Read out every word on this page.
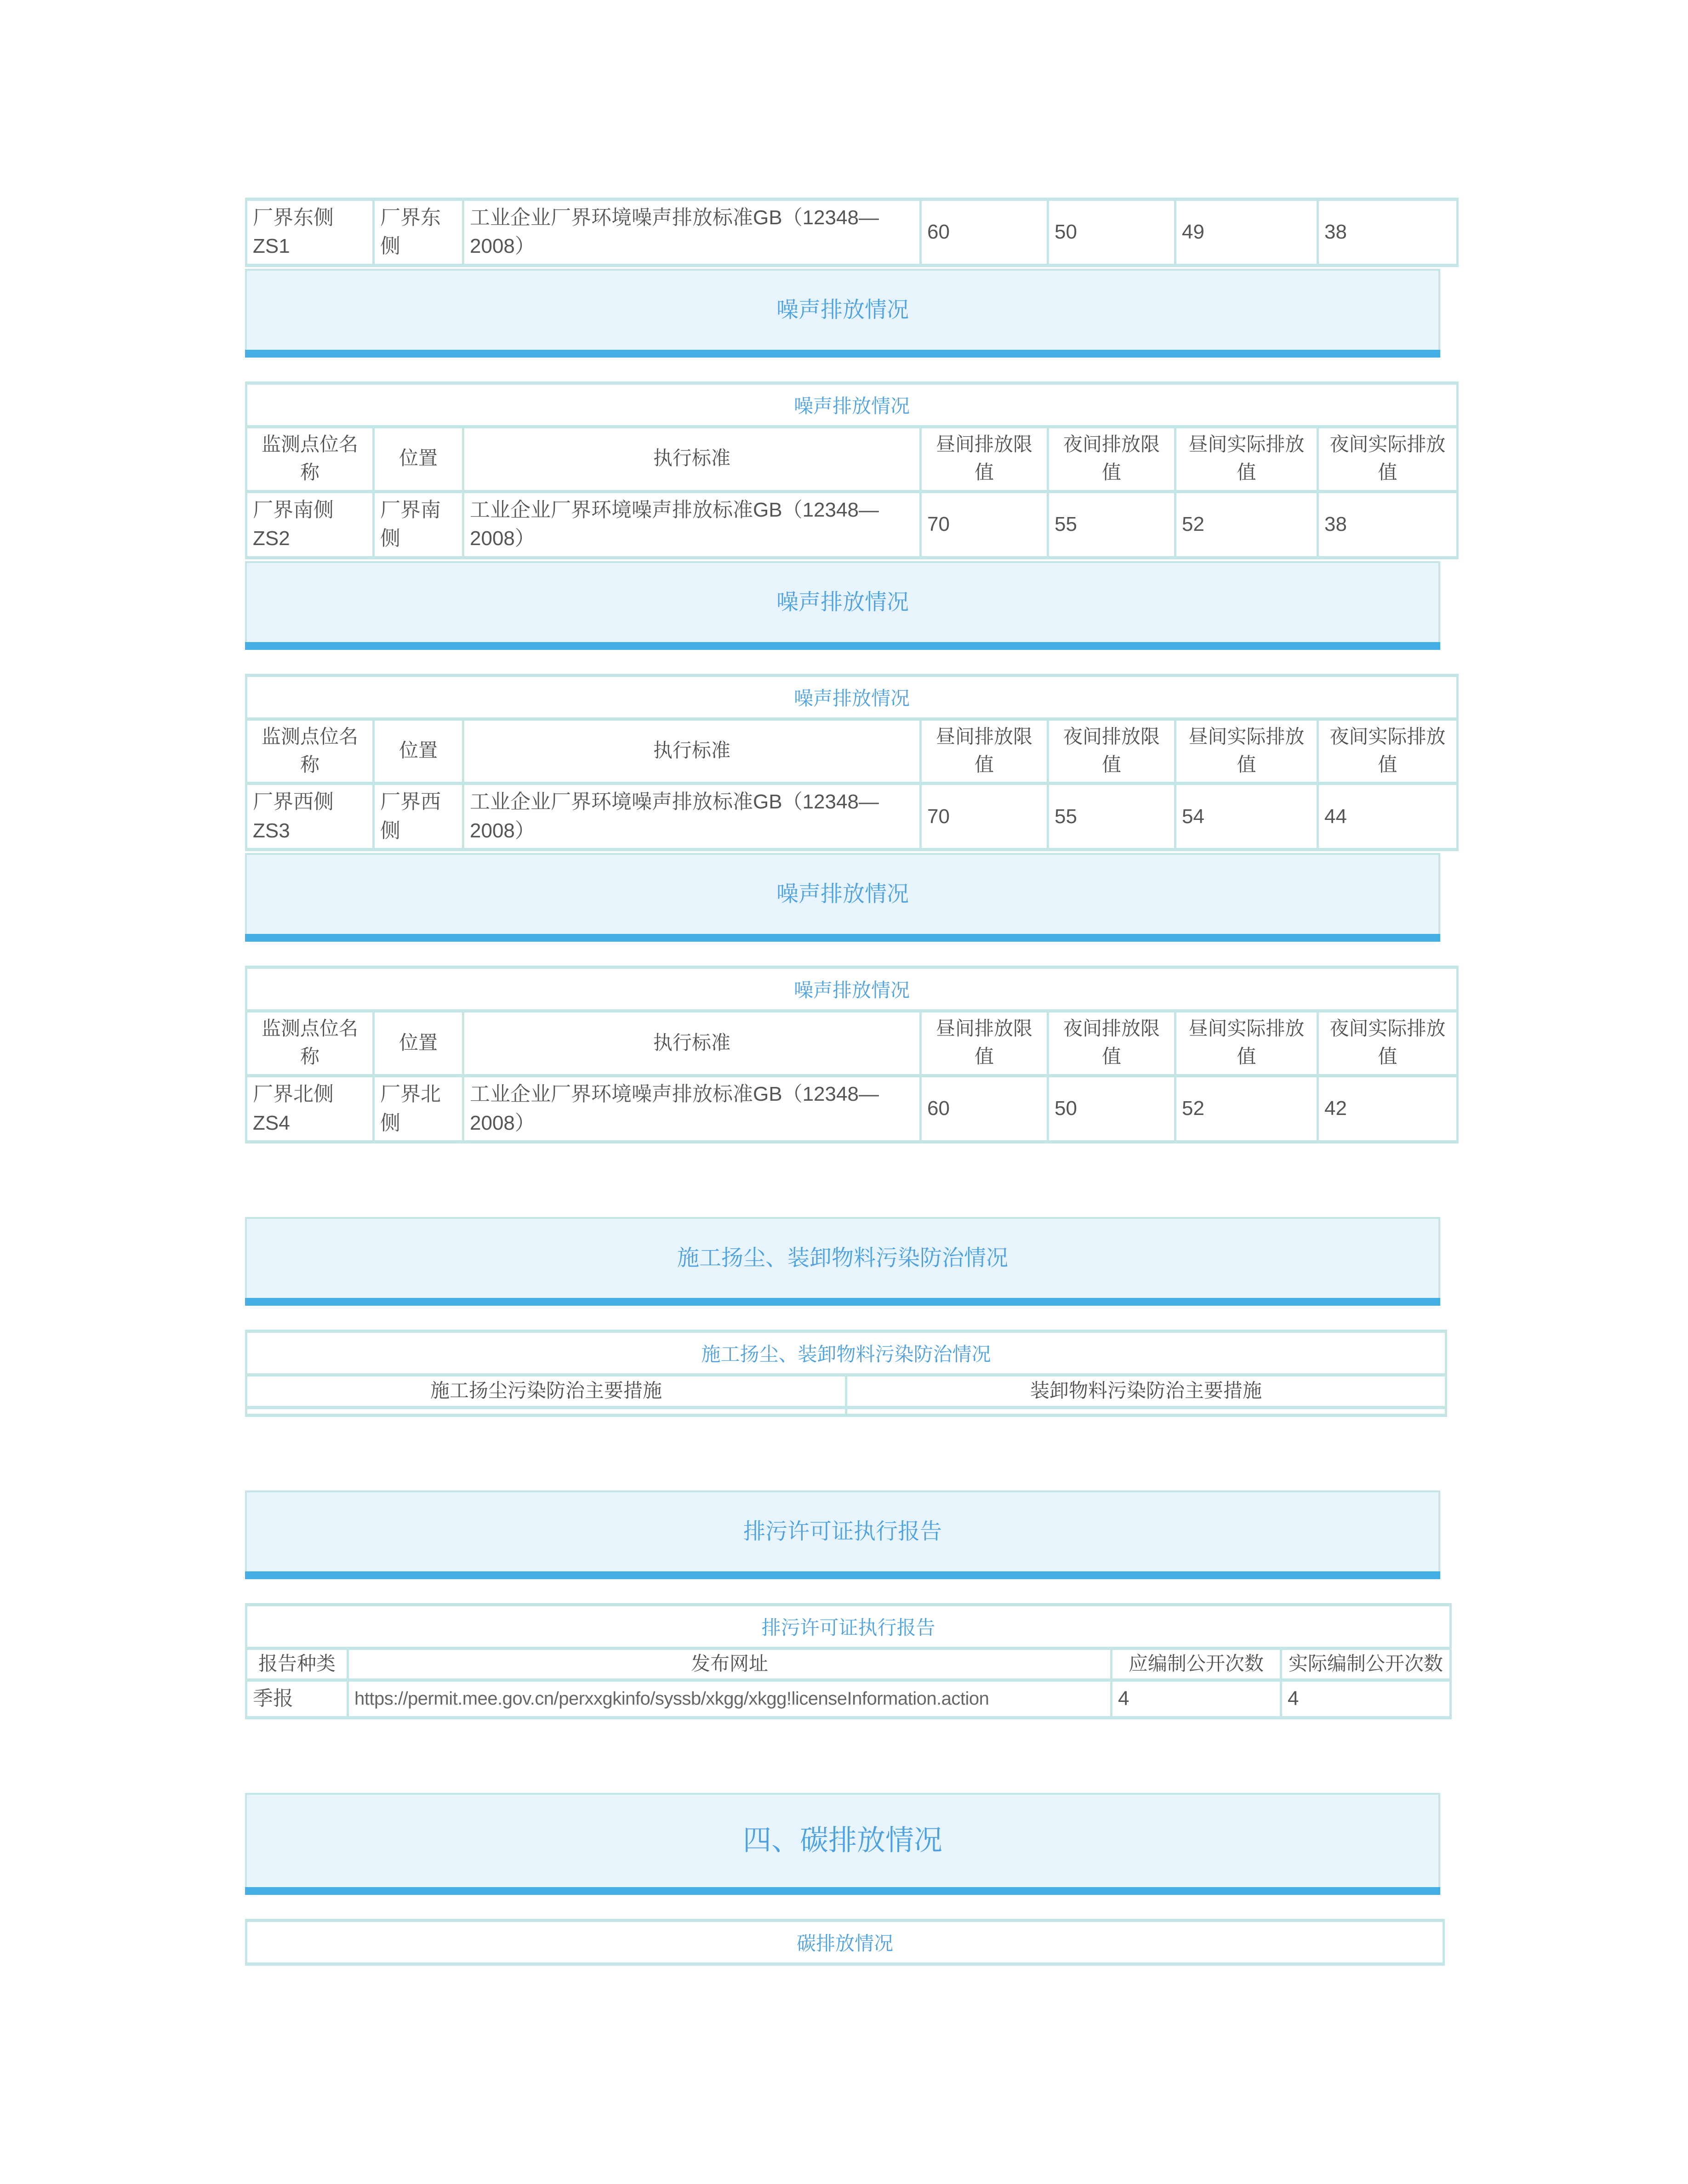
厂界东侧ZS1	厂界东侧	工业企业厂界环境噪声排放标准GB（12348—2008）	60	50	49	38
噪声排放情况
噪声排放情况						
监测点位名称	位置	执行标准	昼间排放限值	夜间排放限值	昼间实际排放值	夜间实际排放值
厂界南侧ZS2	厂界南侧	工业企业厂界环境噪声排放标准GB（12348—2008）	70	55	52	38
噪声排放情况
噪声排放情况						
监测点位名称	位置	执行标准	昼间排放限值	夜间排放限值	昼间实际排放值	夜间实际排放值
厂界西侧ZS3	厂界西侧	工业企业厂界环境噪声排放标准GB（12348—2008）	70	55	54	44
噪声排放情况
噪声排放情况						
监测点位名称	位置	执行标准	昼间排放限值	夜间排放限值	昼间实际排放值	夜间实际排放值
厂界北侧ZS4	厂界北侧	工业企业厂界环境噪声排放标准GB（12348—2008）	60	50	52	42
施工扬尘、装卸物料污染防治情况
施工扬尘、装卸物料污染防治情况	
施工扬尘污染防治主要措施	装卸物料污染防治主要措施

排污许可证执行报告
排污许可证执行报告			
报告种类	发布网址	应编制公开次数	实际编制公开次数
季报	https://permit.mee.gov.cn/perxxgkinfo/syssb/xkgg/xkgg!licenseInformation.action	4	4
四、碳排放情况
碳排放情况
